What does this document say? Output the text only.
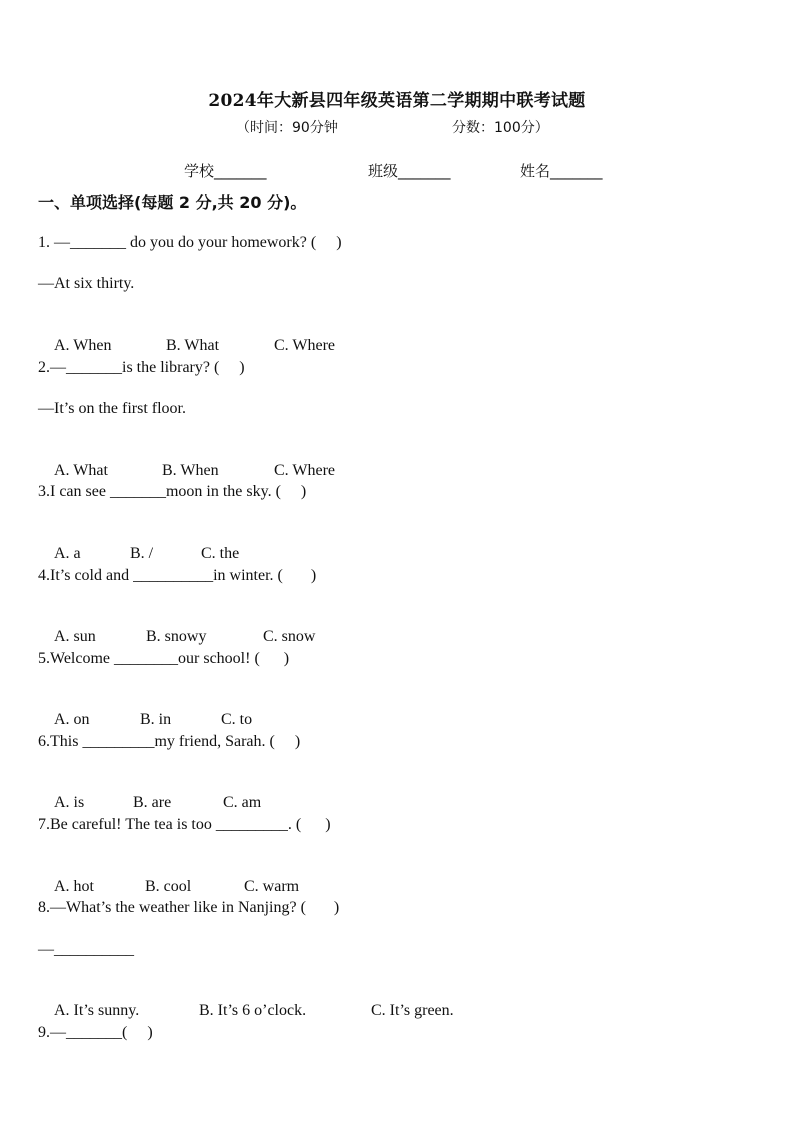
2024年大新县四年级英语第二学期期中联考试题
（时间：90分钟	分数：100分）
学校_______	班级_______	姓名_______
一、单项选择(每题 2 分,共 20 分)。
1. —_______ do you do your homework? (     )
—At six thirty.

A. When	B. What	C. Where

2.—_______is the library? (     )
—It’s on the first floor.

A. What	B. When	C. Where

3.I can see _______moon in the sky. (     )

A. a	B. /	C. the

4.It’s cold and __________in winter. (       )

A. sun	B. snowy	C. snow

5.Welcome ________our school! (      )

A. on	B. in	C. to

6.This _________my friend, Sarah. (     )

A. is	B. are	C. am

7.Be careful! The tea is too _________. (      )

A. hot	B. cool	C. warm

8.—What’s the weather like in Nanjing? (       )
—__________

A. It’s sunny.	B. It’s 6 o’clock.	C. It’s green.

9.—_______(     )
